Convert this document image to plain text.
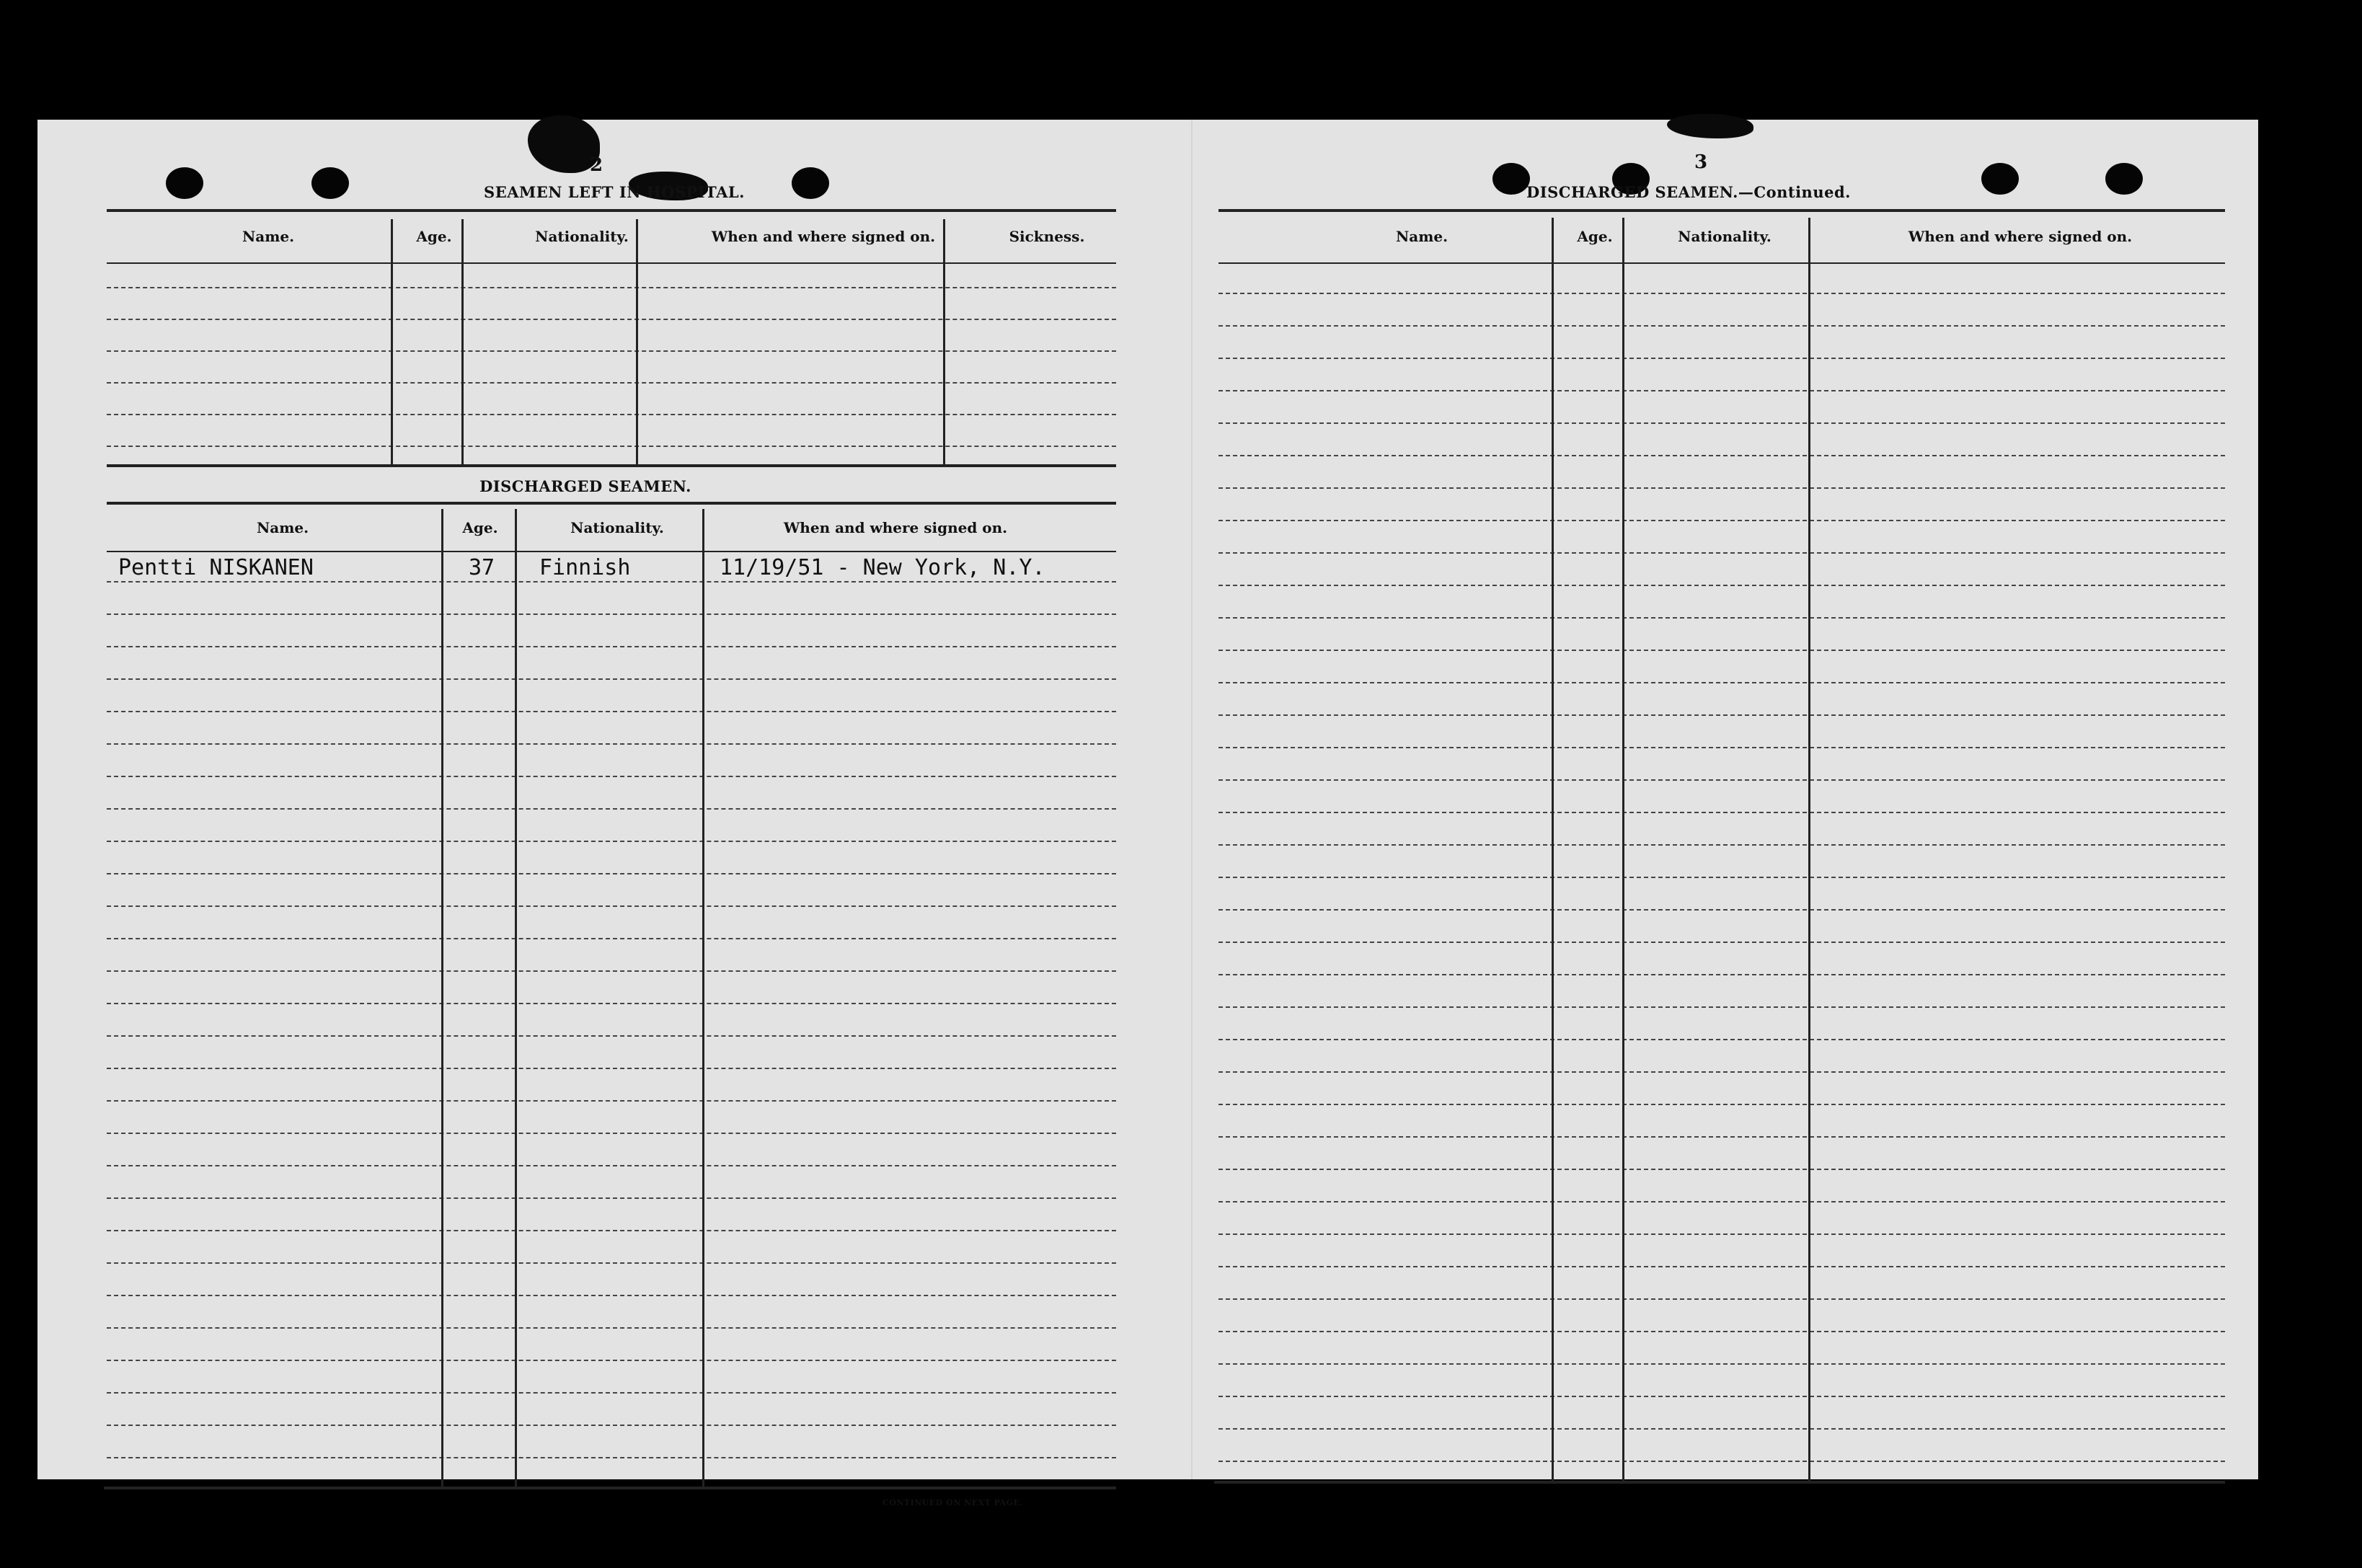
2
SEAMEN LEFT IN HOSPITAL.
Name.	Age.	Nationality.	When and where signed on.	Sickness.
DISCHARGED SEAMEN.
Name.	Age.	Nationality.	When and where signed on.
Pentti NISKANEN	37 Finnish	11/19/51 - New York, N.Y.
CONTINUED ON NEXT PAGE.
3
DISCHARGED SEAMEN.—Continued.
Name.	Age.	Nationality.	When and where signed on.
